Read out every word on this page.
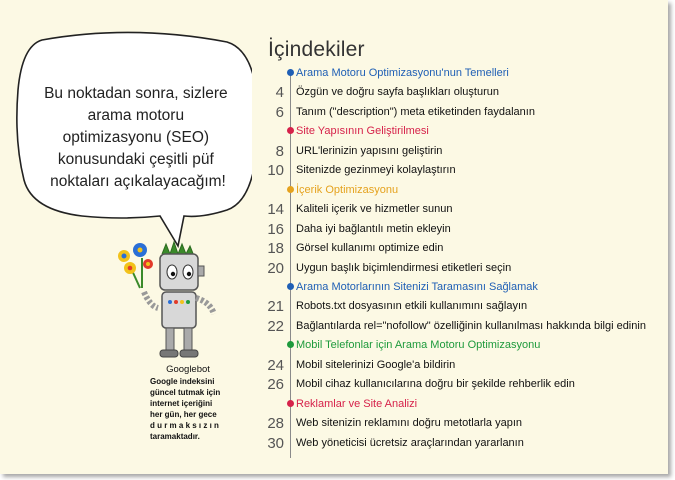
Bu noktadan sonra, sizlere arama motoru optimizasyonu (SEO) konusundaki çeşitli püf noktaları açıkalayacağım!
Googlebot
Google indeksini
güncel tutmak için
internet içeriğini
her gün, her gece
d u r m a k s ı z ı n
taramaktadır.
İçindekiler
Arama Motoru Optimizasyonu'nun Temelleri
4 Özgün ve doğru sayfa başlıkları oluşturun
6 Tanım ("description") meta etiketinden faydalanın
Site Yapısının Geliştirilmesi
8 URL'lerinizin yapısını geliştirin
10 Sitenizde gezinmeyi kolaylaştırın
İçerik Optimizasyonu
14 Kaliteli içerik ve hizmetler sunun
16 Daha iyi bağlantılı metin ekleyin
18 Görsel kullanımı optimize edin
20 Uygun başlık biçimlendirmesi etiketleri seçin
Arama Motorlarının Sitenizi Taramasını Sağlamak
21 Robots.txt dosyasının etkili kullanımını sağlayın
22 Bağlantılarda rel="nofollow" özelliğinin kullanılması hakkında bilgi edinin
Mobil Telefonlar için Arama Motoru Optimizasyonu
24 Mobil sitelerinizi Google'a bildirin
26 Mobil cihaz kullanıcılarına doğru bir şekilde rehberlik edin
Reklamlar ve Site Analizi
28 Web sitenizin reklamını doğru metotlarla yapın
30 Web yöneticisi ücretsiz araçlarından yararlanın
